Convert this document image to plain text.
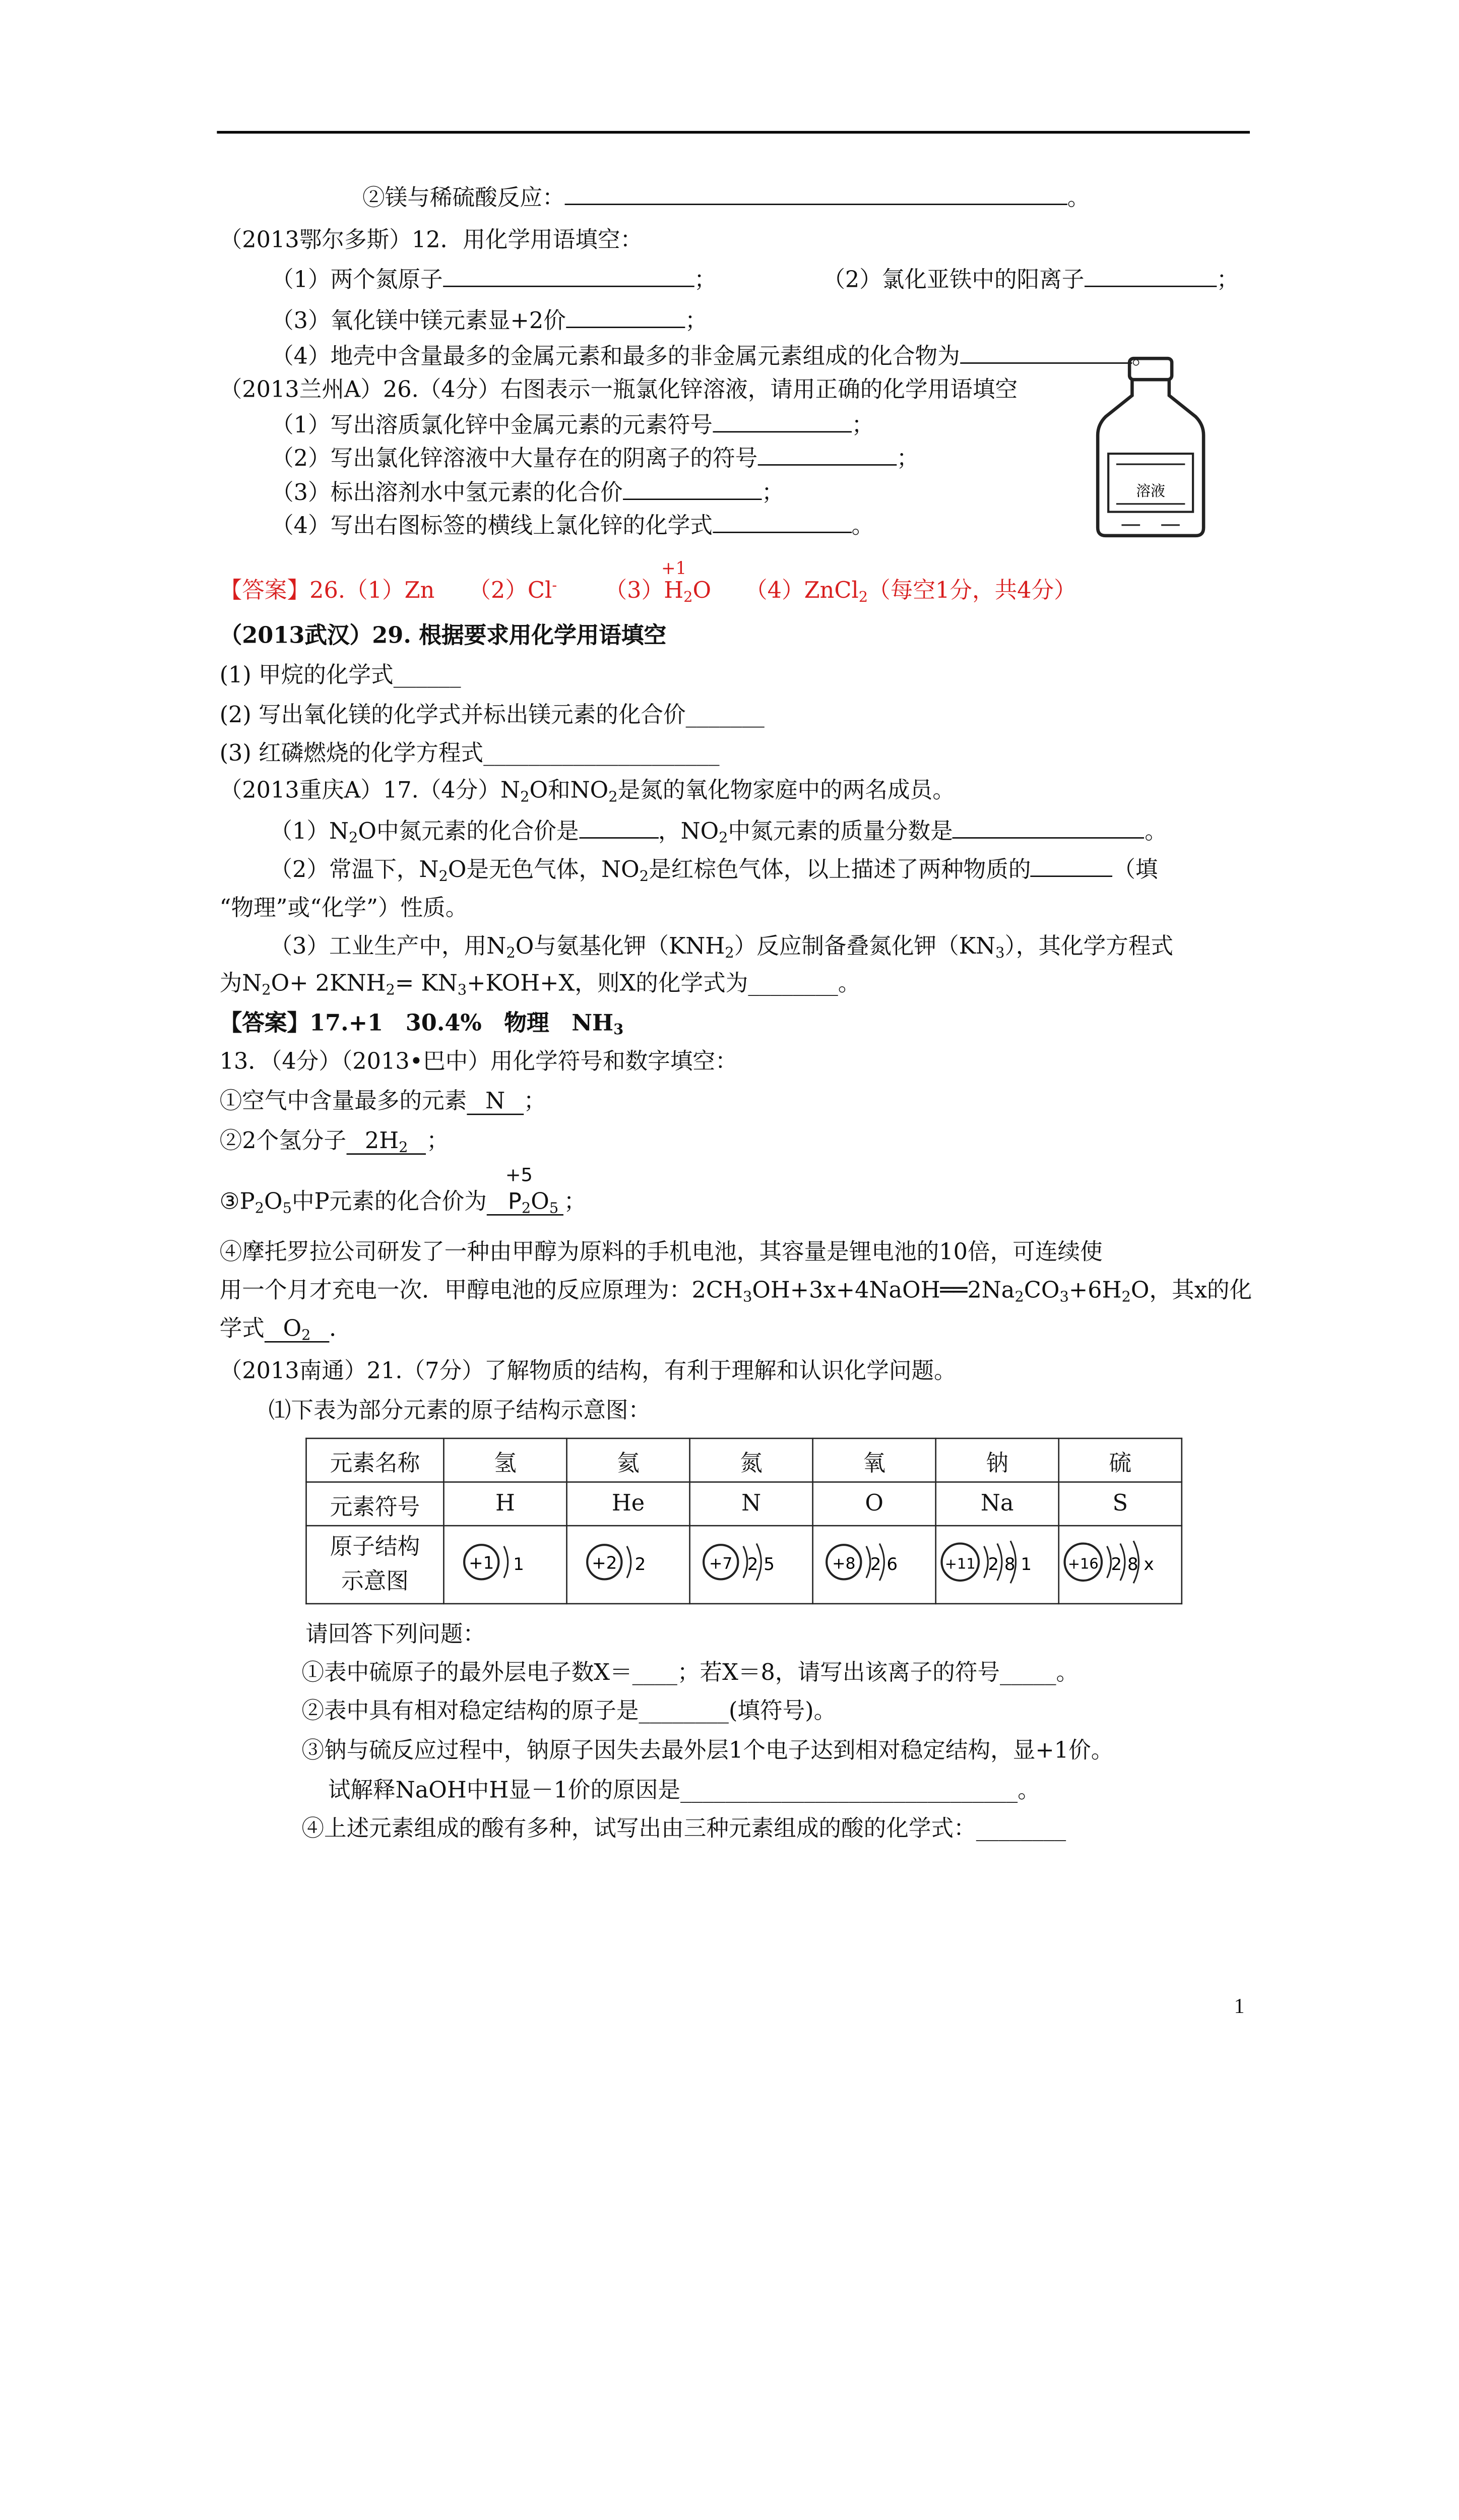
②镁与稀硫酸反应：	。
（2013鄂尔多斯）12．用化学用语填空：
（1）两个氮原子	；	（2）氯化亚铁中的阳离子	；
（3）氧化镁中镁元素显+2价	；
（4）地壳中含量最多的金属元素和最多的非金属元素组成的化合物为	。
（2013兰州A）26.（4分）右图表示一瓶氯化锌溶液，请用正确的化学用语填空
溶液
（1）写出溶质氯化锌中金属元素的元素符号	；
（2）写出氯化锌溶液中大量存在的阴离子的符号	；
（3）标出溶剂水中氢元素的化合价	；
（4）写出右图标签的横线上氯化锌的化学式	。
【答案】26.（1）Zn　　（2）Cl-	（3）
+1
$H_2O$　　（4）ZnCl$_2$（每空1分，共4分）
（2013武汉）29. 根据要求用化学用语填空
(1) 甲烷的化学式______
(2) 写出氧化镁的化学式并标出镁元素的化合价_______
(3) 红磷燃烧的化学方程式_____________________
（2013重庆A）17.（4分）$N_2O$和$NO_2$是氮的氧化物家庭中的两名成员。
$(1)N_2O$中氮元素的化合价是	，$NO_2$中氮元素的质量分数是	。
（2）常温下，$N_2O$是无色气体，$NO_2$是红棕色气体，以上描述了两种物质的	（填
“物理”或“化学”）性质。
（3）工业生产中，用$N_2O$与氨基化钾$(KNH_2)$反应制备叠氮化钾$(KN_3)$，其化学方程式
为$N_2O+ 2KNH_2= KN_3+KOH+X$，则X的化学式为________。
【答案】17.+1　30.4%　物理　$NH_3$
13．（4分）（2013•巴中）用化学符号和数字填空：
①空气中含量最多的元素 N ；
②2个氢分子 $2H_2$ ；
$③P_2O_5$中P元素的化合价为
+5
$P_2O_5$ ；
④摩托罗拉公司研发了一种由甲醇为原料的手机电池，其容量是锂电池的10倍，可连续使
用一个月才充电一次．甲醇电池的反应原理为：$2CH_3OH+3x+4NaOH══2Na_2CO_3+6H_2O$，其x的化
学式 $O_2$ ．
（2013南通）21.（7分）了解物质的结构，有利于理解和认识化学问题。
⑴下表为部分元素的原子结构示意图：
元素名称	氢	氦	氮	氧	钠	硫
元素符号	H	He	N	O	Na	S
原子结构
示意图	+1 1	+2 2	+7 2 5	+8 2 6	+11 2 8 1	+16 2 8 x
请回答下列问题：
①表中硫原子的最外层电子数X＝____；若X＝8，请写出该离子的符号_____。
②表中具有相对稳定结构的原子是________(填符号)。
③钠与硫反应过程中，钠原子因失去最外层1个电子达到相对稳定结构，显+1价。
试解释NaOH中H显－1价的原因是______________________________。
④上述元素组成的酸有多种，试写出由三种元素组成的酸的化学式：________
1
